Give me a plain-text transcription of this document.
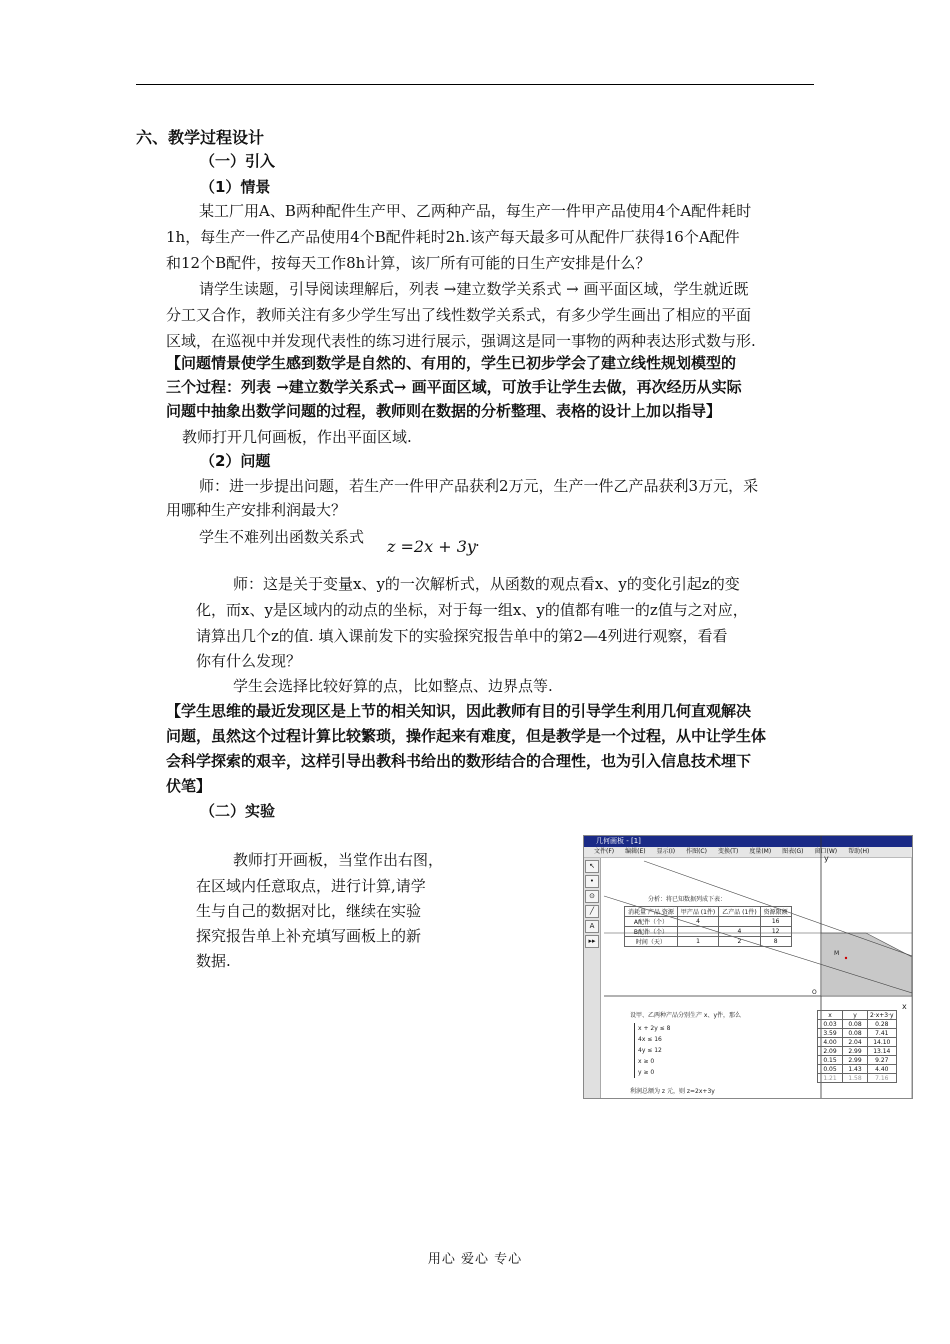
六、教学过程设计
（一）引入
（1）情景
某工厂用A、B两种配件生产甲、乙两种产品，每生产一件甲产品使用4个A配件耗时
1h，每生产一件乙产品使用4个B配件耗时2h.该产每天最多可从配件厂获得16个A配件
和12个B配件，按每天工作8h计算，该厂所有可能的日生产安排是什么？
请学生读题，引导阅读理解后，列表 →建立数学关系式 → 画平面区域，学生就近既
分工又合作，教师关注有多少学生写出了线性数学关系式，有多少学生画出了相应的平面
区域，在巡视中并发现代表性的练习进行展示，强调这是同一事物的两种表达形式数与形.
【问题情景使学生感到数学是自然的、有用的，学生已初步学会了建立线性规划模型的
三个过程：列表 →建立数学关系式→ 画平面区域，可放手让学生去做，再次经历从实际
问题中抽象出数学问题的过程，教师则在数据的分析整理、表格的设计上加以指导】
教师打开几何画板，作出平面区域.
（2）问题
师：进一步提出问题，若生产一件甲产品获利2万元，生产一件乙产品获利3万元，采
用哪种生产安排利润最大？
学生不难列出函数关系式 z =2x + 3y .
师：这是关于变量x、y的一次解析式，从函数的观点看x、y的变化引起z的变
化，而x、y是区域内的动点的坐标，对于每一组x、y的值都有唯一的z值与之对应，
请算出几个z的值. 填入课前发下的实验探究报告单中的第2—4列进行观察，看看
你有什么发现？
学生会选择比较好算的点，比如整点、边界点等.
【学生思维的最近发现区是上节的相关知识，因此教师有目的引导学生利用几何直观解决
问题，虽然这个过程计算比较繁琐，操作起来有难度，但是教学是一个过程，从中让学生体
会科学探索的艰辛，这样引导出教科书给出的数形结合的合理性，也为引入信息技术埋下
伏笔】
（二）实验
教师打开画板，当堂作出右图，
在区域内任意取点，进行计算,请学
生与自己的数据对比，继续在实验
探究报告单上补充填写画板上的新
数据.
几何画板 - [1]
文件(F) 编辑(E) 显示(I) 作图(C) 变换(T) 度量(M) 图表(G) 窗口(W) 帮助(H)
↖
•
⊙
╱
A
▸▸
y
x
O
M
分析：将已知数据列成下表：
消耗量 产品 资源	甲产品 (1件)	乙产品 (1件)	资源限额
A配件（个）	4		16
B配件（个）		4	12
时间（天）	1	2	8
设甲、乙两种产品分别生产 x、y件，那么
x + 2y ≤ 8
4x ≤ 16
4y ≤ 12
x ≥ 0
y ≥ 0
利润总额为 z 元，则 z=2x+3y
x	y	2·x+3·y
0.03	0.08	0.28
3.59	0.08	7.41
4.00	2.04	14.10
2.09	2.99	13.14
0.15	2.99	9.27
0.05	1.43	4.40
1.21	1.58	7.16
用心 爱心 专心
